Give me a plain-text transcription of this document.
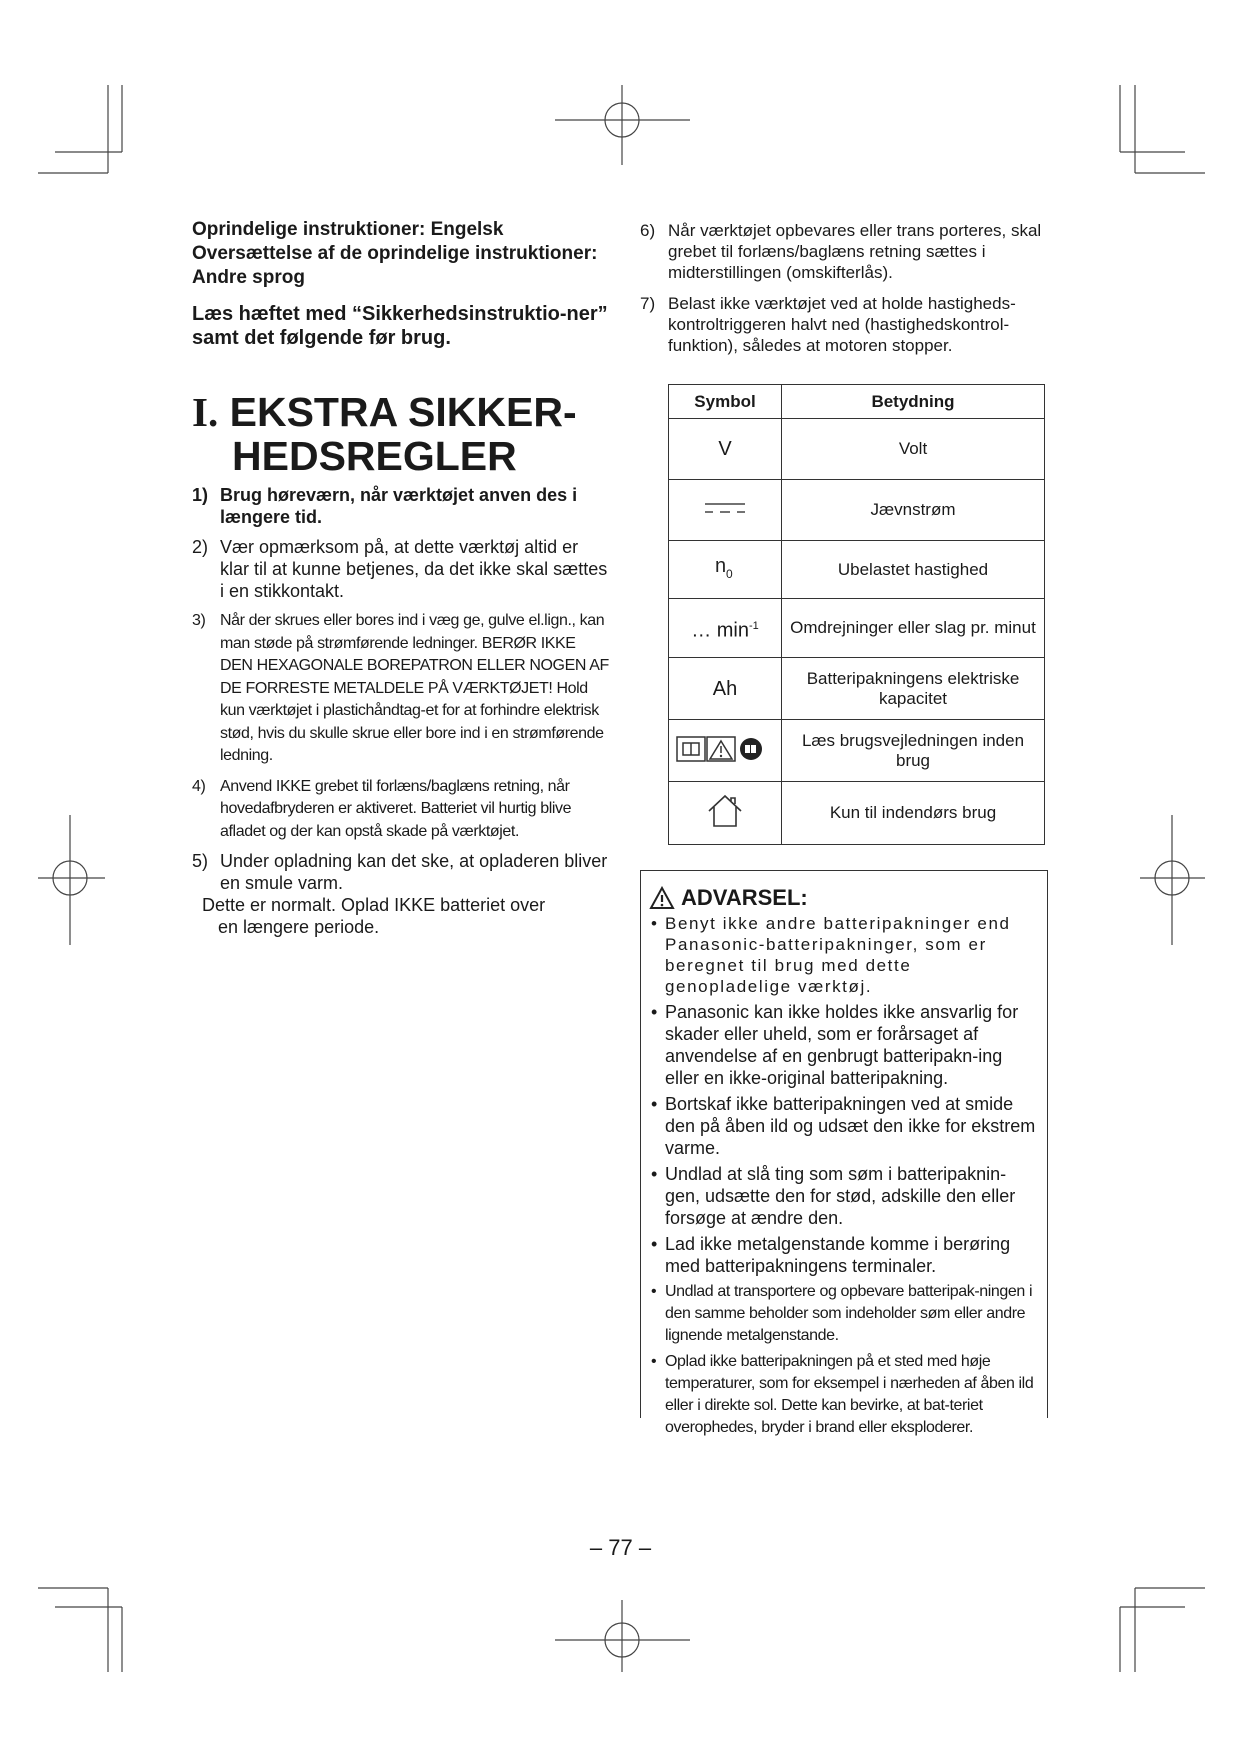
Oprindelige instruktioner: Engelsk

Oversættelse af de oprindelige instruktioner:

Andre sprog

Læs hæftet med “Sikkerhedsinstruktio-ner” samt det følgende før brug.

I. EKSTRA SIKKER-
HEDSREGLER
1) Brug høreværn, når værktøjet anven des i længere tid.
2) Vær opmærksom på, at dette værktøj altid er klar til at kunne betjenes, da det ikke skal sættes i en stikkontakt.
3) Når der skrues eller bores ind i væg ge, gulve el.lign., kan man støde på strømførende ledninger. BERØR IKKE DEN HEXAGONALE BOREPATRON ELLER NOGEN AF DE FORRESTE METALDELE PÅ VÆRKTØJET! Hold kun værktøjet i plastichåndtag-et for at forhindre elektrisk stød, hvis du skulle skrue eller bore ind i en strømførende ledning.
4) Anvend IKKE grebet til forlæns/baglæns retning, når hovedafbryderen er aktiveret. Batteriet vil hurtig blive afladet og der kan opstå skade på værktøjet.
5) Under opladning kan det ske, at opladeren bliver en smule varm.

Dette er normalt. Oplad IKKE batteriet over
en længere periode.

6) Når værktøjet opbevares eller trans porteres, skal grebet til forlæns/baglæns retning sættes i midterstillingen (omskifterlås).
7) Belast ikke værktøjet ved at holde hastigheds-kontroltriggeren halvt ned (hastighedskontrol-funktion), således at motoren stopper.
Symbol	Betydning
V	Volt
	Jævnstrøm

n 0	Ubelastet hastighed
… $\min^{-1}$	Omdrejninger eller slag pr. minut
Ah	Batteripakningens elektriske kapacitet
	Læs brugsvejledningen inden brug
	Kun til indendørs brug
ADVARSEL:
• Benyt ikke andre batteripakninger end Panasonic-batteripakninger, som er beregnet til brug med dette genopladelige værktøj.
• Panasonic kan ikke holdes ikke ansvarlig for skader eller uheld, som er forårsaget af anvendelse af en genbrugt batteripakn-ing eller en ikke-original batteripakning.
• Bortskaf ikke batteripakningen ved at smide den på åben ild og udsæt den ikke for ekstrem varme.
• Undlad at slå ting som søm i batteripaknin-gen, udsætte den for stød, adskille den eller forsøge at ændre den.
• Lad ikke metalgenstande komme i berøring med batteripakningens terminaler.
• Undlad at transportere og opbevare batteripak-ningen i den samme beholder som indeholder søm eller andre lignende metalgenstande.
• Oplad ikke batteripakningen på et sted med høje temperaturer, som for eksempel i nærheden af åben ild eller i direkte sol. Dette kan bevirke, at bat-teriet overophedes, bryder i brand eller eksploderer.
– 77 –
